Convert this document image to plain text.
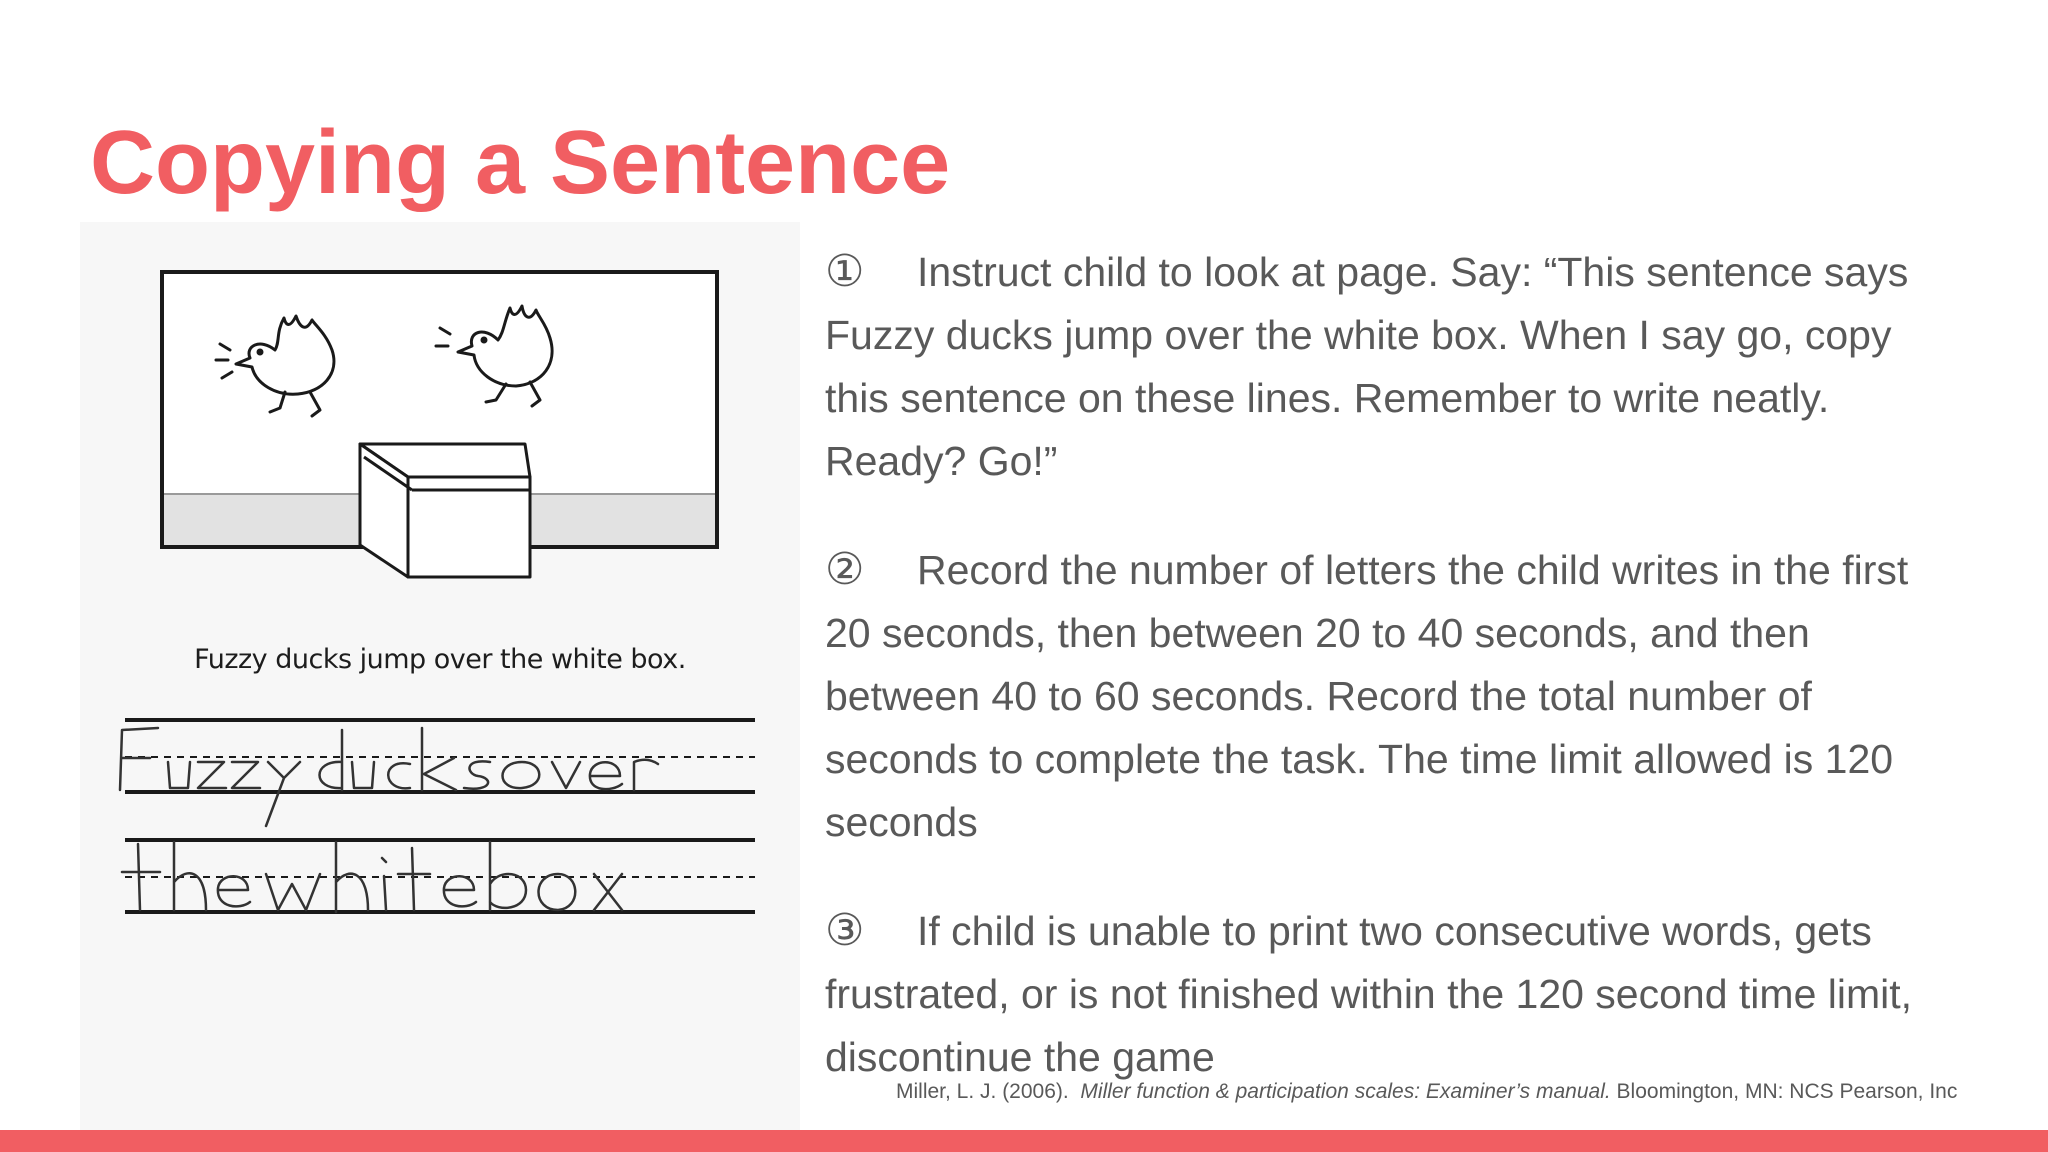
Copying a Sentence
Fuzzy ducks jump over the white box.

① Instruct child to look at page. Say: “This sentence says Fuzzy ducks jump over the white box. When I say go, copy this sentence on these lines. Remember to write neatly. Ready? Go!”

② Record the number of letters the child writes in the first 20 seconds, then between 20 to 40 seconds, and then between 40 to 60 seconds. Record the total number of seconds to complete the task. The time limit allowed is 120 seconds

③ If child is unable to print two consecutive words, gets frustrated, or is not finished within the 120 second time limit, discontinue the game

Miller, L. J. (2006). Miller function & participation scales: Examiner’s manual. Bloomington, MN: NCS Pearson, Inc
